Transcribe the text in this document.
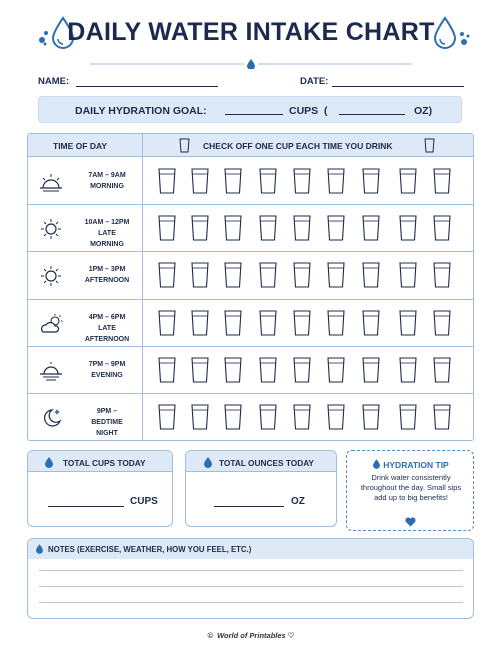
DAILY WATER INTAKE CHART
NAME:	DATE:
DAILY HYDRATION GOAL:	CUPS (	OZ)
TIME OF DAY	CHECK OFF ONE CUP EACH TIME YOU DRINK
7AM – 9AM
MORNING
10AM – 12PM
LATE MORNING
1PM – 3PM
AFTERNOON
4PM – 6PM
LATE AFTERNOON
7PM – 9PM
EVENING
9PM – BEDTIME
NIGHT
TOTAL CUPS TODAY
CUPS
TOTAL OUNCES TODAY
OZ
HYDRATION TIP
Drink water consistently throughout the day. Small sips add up to big benefits!
NOTES (EXERCISE, WEATHER, HOW YOU FEEL, ETC.)
© World of Printables ♡
